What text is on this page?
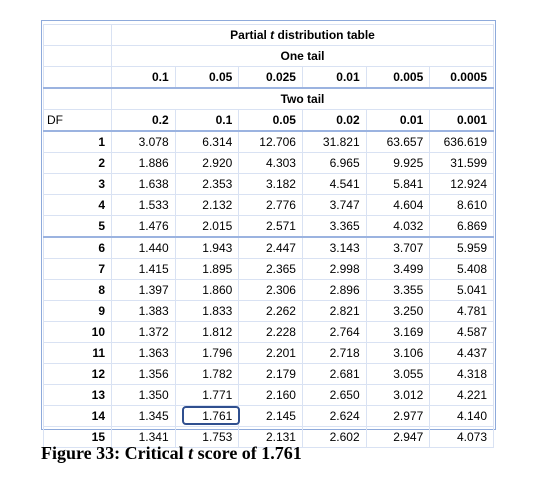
	Partial t distribution table					
	One tail					
	0.1	0.05	0.025	0.01	0.005	0.0005
	Two tail					
DF	0.2	0.1	0.05	0.02	0.01	0.001
1	3.078	6.314	12.706	31.821	63.657	636.619
2	1.886	2.920	4.303	6.965	9.925	31.599
3	1.638	2.353	3.182	4.541	5.841	12.924
4	1.533	2.132	2.776	3.747	4.604	8.610
5	1.476	2.015	2.571	3.365	4.032	6.869
6	1.440	1.943	2.447	3.143	3.707	5.959
7	1.415	1.895	2.365	2.998	3.499	5.408
8	1.397	1.860	2.306	2.896	3.355	5.041
9	1.383	1.833	2.262	2.821	3.250	4.781
10	1.372	1.812	2.228	2.764	3.169	4.587
11	1.363	1.796	2.201	2.718	3.106	4.437
12	1.356	1.782	2.179	2.681	3.055	4.318
13	1.350	1.771	2.160	2.650	3.012	4.221
14	1.345	1.761	2.145	2.624	2.977	4.140
15	1.341	1.753	2.131	2.602	2.947	4.073
Figure 33: Critical t score of 1.761
